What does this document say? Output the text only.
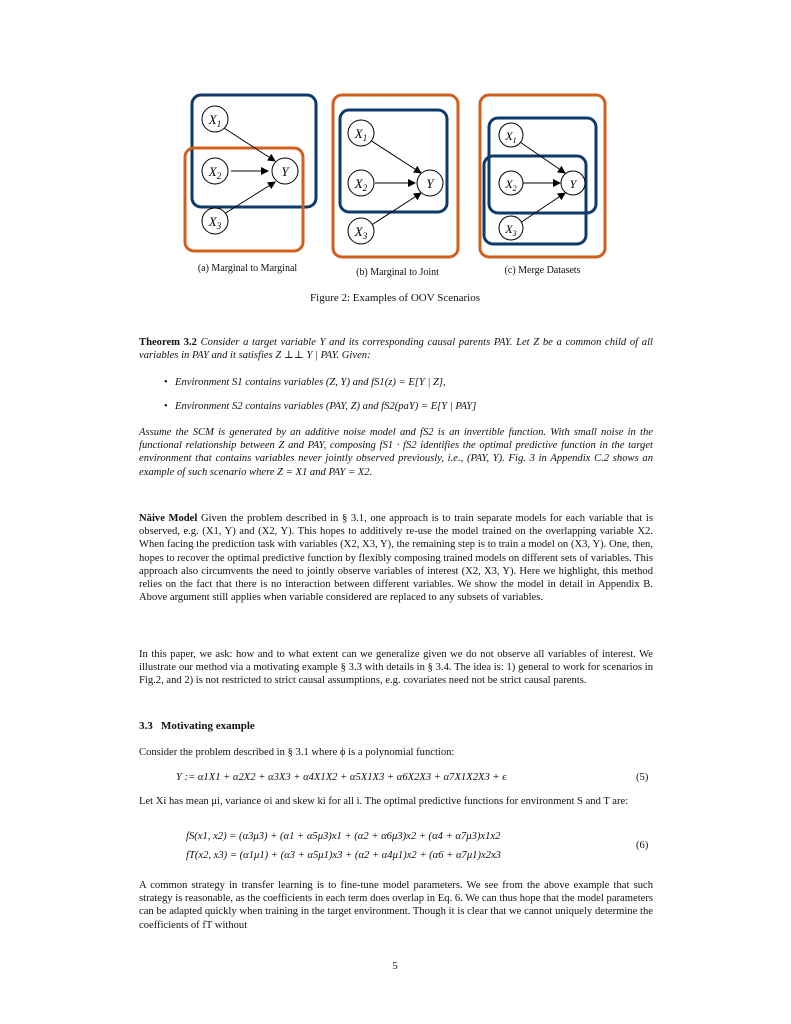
$X_1$
$X_2$
$X_3$
Y
$X_1$
$X_2$
$X_3$
Y
$X_1$
$X_2$
$X_3$
Y
(a) Marginal to Marginal	(b) Marginal to Joint	(c) Merge Datasets
Figure 2: Examples of OOV Scenarios
Theorem 3.2 Consider a target variable Y and its corresponding causal parents PAY. Let Z be a common child of all variables in PAY and it satisfies Z ⊥⊥ Y | PAY. Given:
• Environment S1 contains variables (Z, Y) and fS1(z) = E[Y | Z],
• Environment S2 contains variables (PAY, Z) and fS2(paY) = E[Y | PAY]
Assume the SCM is generated by an additive noise model and fS2 is an invertible function. With small noise in the functional relationship between Z and PAY, composing fS1 · fS2 identifies the optimal predictive function in the target environment that contains variables never jointly observed previously, i.e., (PAY, Y). Fig. 3 in Appendix C.2 shows an example of such scenario where Z = X1 and PAY = X2.
Näive Model Given the problem described in § 3.1, one approach is to train separate models for each variable that is observed, e.g. (X1, Y) and (X2, Y). This hopes to additively re-use the model trained on the overlapping variable X2. When facing the prediction task with variables (X2, X3, Y), the remaining step is to train a model on (X3, Y). One, then, hopes to recover the optimal predictive function by flexibly composing trained models on different sets of variables. This approach also circumvents the need to jointly observe variables of interest (X2, X3, Y). Here we highlight, this method relies on the fact that there is no interaction between different variables. We show the model in detail in Appendix B. Above argument still applies when variable considered are replaced to any subsets of variables.
In this paper, we ask: how and to what extent can we generalize given we do not observe all variables of interest. We illustrate our method via a motivating example § 3.3 with details in § 3.4. The idea is: 1) general to work for scenarios in Fig.2, and 2) is not restricted to strict causal assumptions, e.g. covariates need not be strict causal parents.
3.3 Motivating example
Consider the problem described in § 3.1 where ϕ is a polynomial function:
Y := α1X1 + α2X2 + α3X3 + α4X1X2 + α5X1X3 + α6X2X3 + α7X1X2X3 + ϵ	(5)
Let Xi has mean μi, variance σi and skew ki for all i. The optimal predictive functions for environment S and T are:
fS(x1, x2) = (α3μ3) + (α1 + α5μ3)x1 + (α2 + α6μ3)x2 + (α4 + α7μ3)x1x2
fT(x2, x3) = (α1μ1) + (α3 + α5μ1)x3 + (α2 + α4μ1)x2 + (α6 + α7μ1)x2x3
(6)
A common strategy in transfer learning is to fine-tune model parameters. We see from the above example that such strategy is reasonable, as the coefficients in each term does overlap in Eq. 6. We can thus hope that the model parameters can be adapted quickly when training in the target environment. Though it is clear that we cannot uniquely determine the coefficients of fT without
5
